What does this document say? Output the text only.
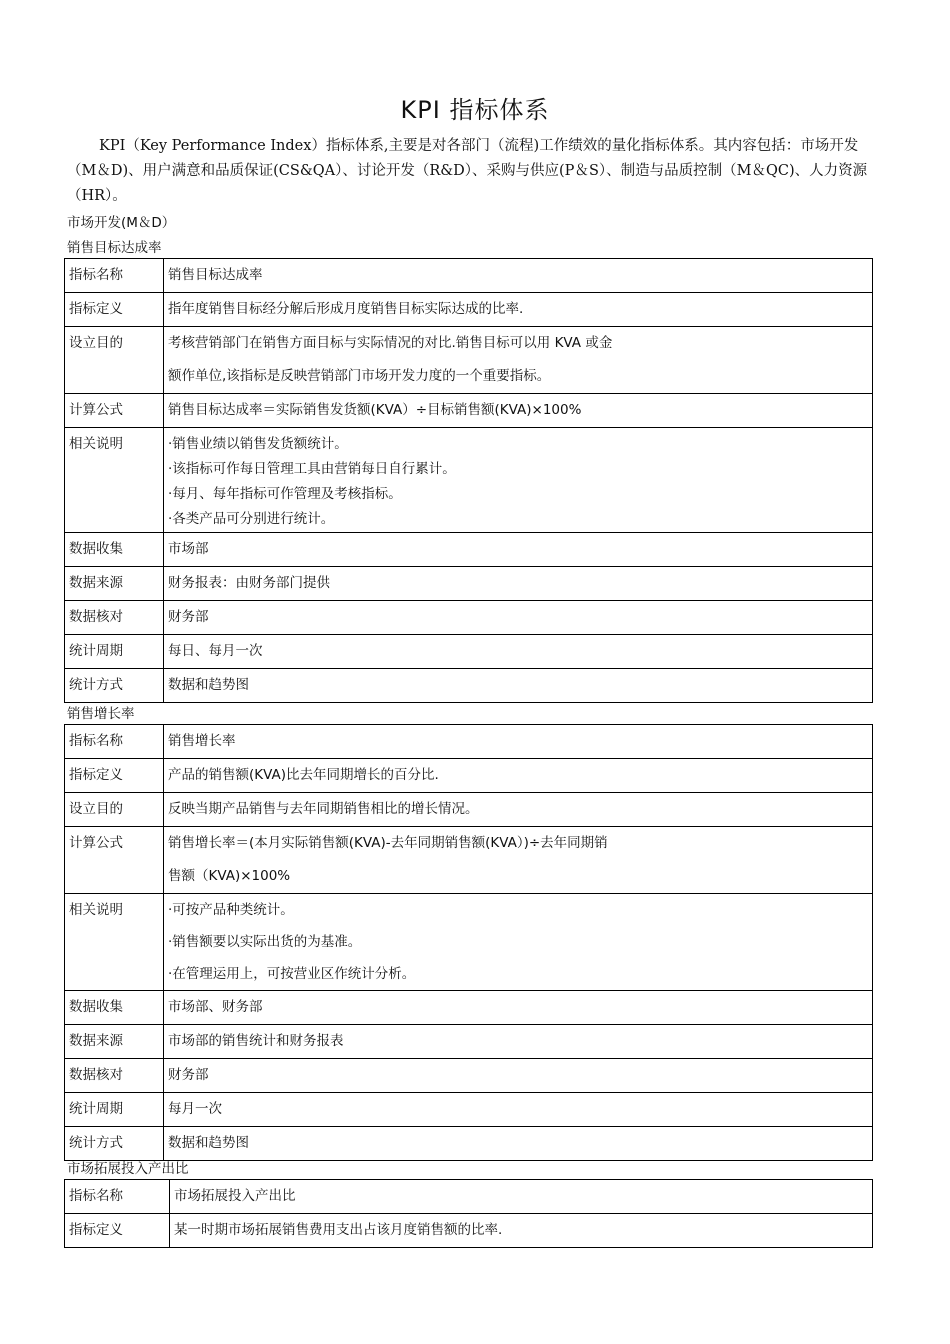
KPI 指标体系
KPI（Key Performance Index）指标体系,主要是对各部门（流程)工作绩效的量化指标体系。其内容包括：市场开发（M＆D)、用户满意和品质保证(CS&QA）、讨论开发（R&D）、采购与供应(P＆S）、制造与品质控制（M＆QC)、人力资源（HR）。
市场开发(M＆D）
销售目标达成率
指标名称	销售目标达成率

指标定义	指年度销售目标经分解后形成月度销售目标实际达成的比率.

设立目的	考核营销部门在销售方面目标与实际情况的对比.销售目标可以用 KVA 或金
额作单位,该指标是反映营销部门市场开发力度的一个重要指标。

计算公式	销售目标达成率＝实际销售发货额(KVA）÷目标销售额(KVA)×100%

相关说明	·销售业绩以销售发货额统计。
·该指标可作每日管理工具由营销每日自行累计。
·每月、每年指标可作管理及考核指标。
·各类产品可分别进行统计。

数据收集	市场部

数据来源	财务报表：由财务部门提供

数据核对	财务部

统计周期	每日、每月一次

统计方式	数据和趋势图
销售增长率
指标名称	销售增长率

指标定义	产品的销售额(KVA)比去年同期增长的百分比.

设立目的	反映当期产品销售与去年同期销售相比的增长情况。

计算公式	销售增长率＝(本月实际销售额(KVA)-去年同期销售额(KVA）)÷去年同期销
售额（KVA)×100%

相关说明	·可按产品种类统计。
·销售额要以实际出货的为基准。
·在管理运用上，可按营业区作统计分析。

数据收集	市场部、财务部

数据来源	市场部的销售统计和财务报表

数据核对	财务部

统计周期	每月一次

统计方式	数据和趋势图
市场拓展投入产出比
指标名称	市场拓展投入产出比

指标定义	某一时期市场拓展销售费用支出占该月度销售额的比率.
